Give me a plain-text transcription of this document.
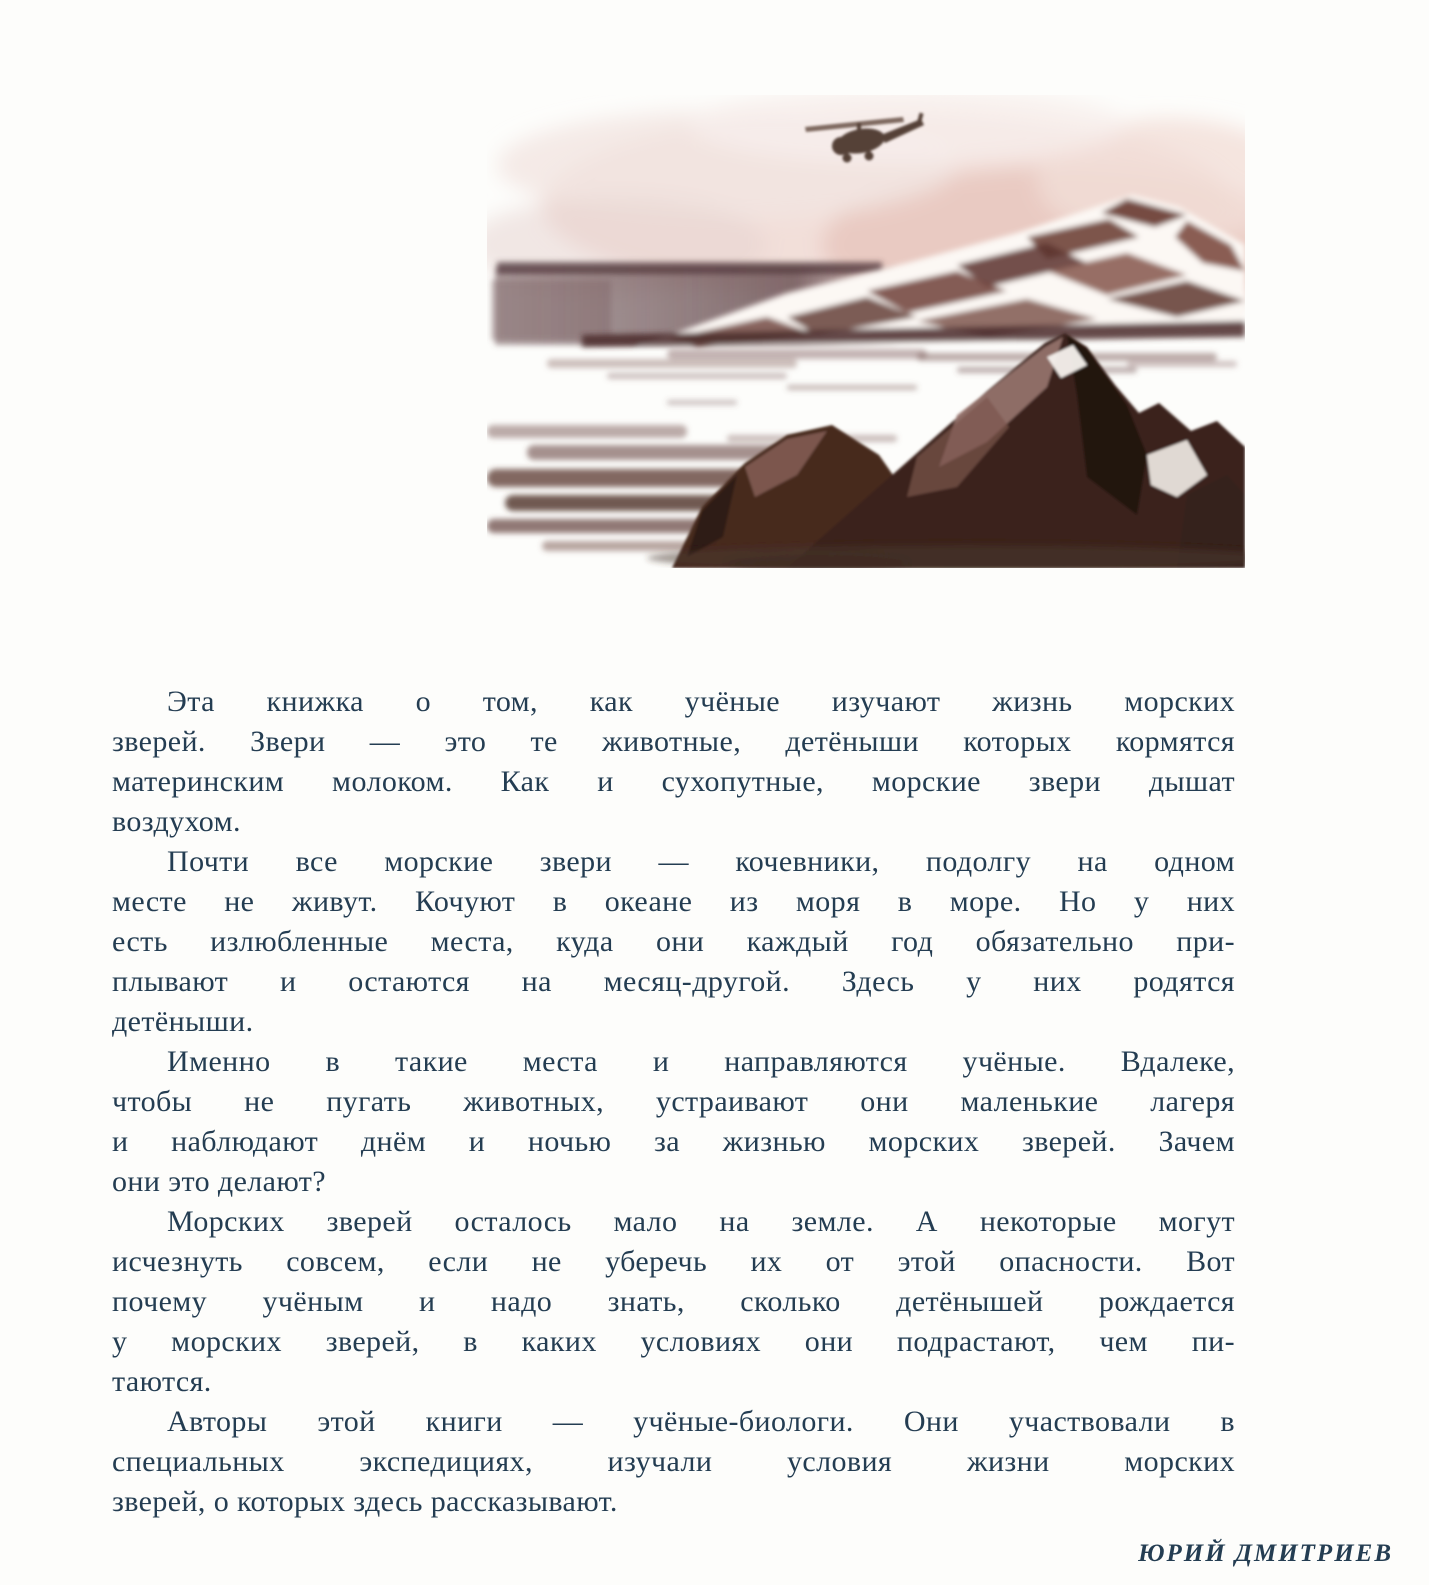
Эта книжка о том, как учёные изучают жизнь морских
зверей. Звери — это те животные, детёныши которых кормятся
материнским молоком. Как и сухопутные, морские звери дышат
воздухом.
Почти все морские звери — кочевники, подолгу на одном
месте не живут. Кочуют в океане из моря в море. Но у них
есть излюбленные места, куда они каждый год обязательно при-
плывают и остаются на месяц-другой. Здесь у них родятся
детёныши.
Именно в такие места и направляются учёные. Вдалеке,
чтобы не пугать животных, устраивают они маленькие лагеря
и наблюдают днём и ночью за жизнью морских зверей. Зачем
они это делают?
Морских зверей осталось мало на земле. А некоторые могут
исчезнуть совсем, если не уберечь их от этой опасности. Вот
почему учёным и надо знать, сколько детёнышей рождается
у морских зверей, в каких условиях они подрастают, чем пи-
таются.
Авторы этой книги — учёные-биологи. Они участвовали в
специальных экспедициях, изучали условия жизни морских
зверей, о которых здесь рассказывают.
ЮРИЙ ДМИТРИЕВ
